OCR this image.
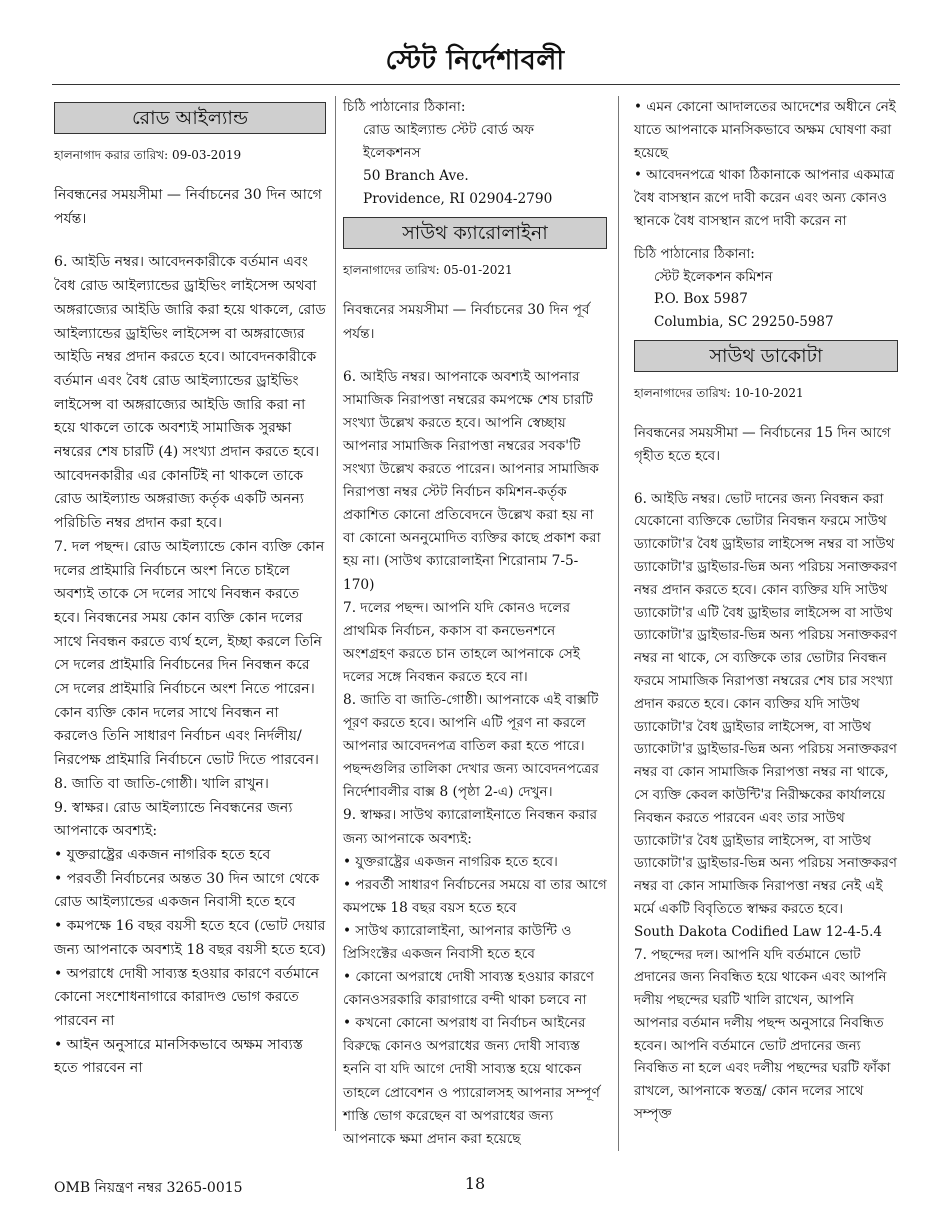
স্টেট নির্দেশাবলী
রোড আইল্যান্ড

হালনাগাদ করার তারিখ: 09-03-2019

নিবন্ধনের সময়সীমা — নির্বাচনের 30 দিন আগে পর্যন্ত।

6. আইডি নম্বর। আবেদনকারীকে বর্তমান এবং বৈধ রোড আইল্যান্ডের ড্রাইভিং লাইসেন্স অথবা অঙ্গরাজ্যের আইডি জারি করা হয়ে থাকলে, রোড আইল্যান্ডের ড্রাইভিং লাইসেন্স বা অঙ্গরাজ্যের আইডি নম্বর প্রদান করতে হবে। আবেদনকারীকে বর্তমান এবং বৈধ রোড আইল্যান্ডের ড্রাইভিং লাইসেন্স বা অঙ্গরাজ্যের আইডি জারি করা না হয়ে থাকলে তাকে অবশ্যই সামাজিক সুরক্ষা নম্বরের শেষ চারটি (4) সংখ্যা প্রদান করতে হবে। আবেদনকারীর এর কোনটিই না থাকলে তাকে রোড আইল্যান্ড অঙ্গরাজ্য কর্তৃক একটি অনন্য পরিচিতি নম্বর প্রদান করা হবে।

7. দল পছন্দ। রোড আইল্যান্ডে কোন ব্যক্তি কোন দলের প্রাইমারি নির্বাচনে অংশ নিতে চাইলে অবশ্যই তাকে সে দলের সাথে নিবন্ধন করতে হবে। নিবন্ধনের সময় কোন ব্যক্তি কোন দলের সাথে নিবন্ধন করতে ব্যর্থ হলে, ইচ্ছা করলে তিনি সে দলের প্রাইমারি নির্বাচনের দিন নিবন্ধন করে সে দলের প্রাইমারি নির্বাচনে অংশ নিতে পারেন। কোন ব্যক্তি কোন দলের সাথে নিবন্ধন না করলেও তিনি সাধারণ নির্বাচন এবং নির্দলীয়/নিরপেক্ষ প্রাইমারি নির্বাচনে ভোট দিতে পারবেন।

8. জাতি বা জাতি-গোষ্ঠী। খালি রাখুন।

9. স্বাক্ষর। রোড আইল্যান্ডে নিবন্ধনের জন্য আপনাকে অবশ্যই:

• যুক্তরাষ্ট্রের একজন নাগরিক হতে হবে

• পরবর্তী নির্বাচনের অন্তত 30 দিন আগে থেকে রোড আইল্যান্ডের একজন নিবাসী হতে হবে

• কমপক্ষে 16 বছর বয়সী হতে হবে (ভোট দেয়ার জন্য আপনাকে অবশ্যই 18 বছর বয়সী হতে হবে)

• অপরাধে দোষী সাব্যস্ত হওয়ার কারণে বর্তমানে কোনো সংশোধনাগারে কারাদণ্ড ভোগ করতে পারবেন না

• আইন অনুসারে মানসিকভাবে অক্ষম সাব্যস্ত হতে পারবেন না

চিঠি পাঠানোর ঠিকানা:

রোড আইল্যান্ড স্টেট বোর্ড অফ

ইলেকশনস

50 Branch Ave.

Providence, RI 02904-2790

সাউথ ক্যারোলাইনা

হালনাগাদের তারিখ: 05-01-2021

নিবন্ধনের সময়সীমা — নির্বাচনের 30 দিন পূর্ব পর্যন্ত।

6. আইডি নম্বর। আপনাকে অবশ্যই আপনার সামাজিক নিরাপত্তা নম্বরের কমপক্ষে শেষ চারটি সংখ্যা উল্লেখ করতে হবে। আপনি স্বেচ্ছায় আপনার সামাজিক নিরাপত্তা নম্বরের সবক'টি সংখ্যা উল্লেখ করতে পারেন। আপনার সামাজিক নিরাপত্তা নম্বর স্টেট নির্বাচন কমিশন-কর্তৃক প্রকাশিত কোনো প্রতিবেদনে উল্লেখ করা হয় না বা কোনো অননুমোদিত ব্যক্তির কাছে প্রকাশ করা হয় না। (সাউথ ক্যারোলাইনা শিরোনাম 7-5-170)

7. দলের পছন্দ। আপনি যদি কোনও দলের প্রাথমিক নির্বাচন, ককাস বা কনভেনশনে অংশগ্রহণ করতে চান তাহলে আপনাকে সেই দলের সঙ্গে নিবন্ধন করতে হবে না।

8. জাতি বা জাতি-গোষ্ঠী। আপনাকে এই বাক্সটি পূরণ করতে হবে। আপনি এটি পূরণ না করলে আপনার আবেদনপত্র বাতিল করা হতে পারে। পছন্দগুলির তালিকা দেখার জন্য আবেদনপত্রের নির্দেশাবলীর বাক্স 8 (পৃষ্ঠা 2-এ) দেখুন।

9. স্বাক্ষর। সাউথ ক্যারোলাইনাতে নিবন্ধন করার জন্য আপনাকে অবশ্যই:

• যুক্তরাষ্ট্রের একজন নাগরিক হতে হবে।

• পরবর্তী সাধারণ নির্বাচনের সময়ে বা তার আগে কমপক্ষে 18 বছর বয়স হতে হবে

• সাউথ ক্যারোলাইনা, আপনার কাউন্টি ও প্রিসিংক্টের একজন নিবাসী হতে হবে

• কোনো অপরাধে দোষী সাব্যস্ত হওয়ার কারণে কোনওসরকারি কারাগারে বন্দী থাকা চলবে না

• কখনো কোনো অপরাধ বা নির্বাচন আইনের বিরুদ্ধে কোনও অপরাধের জন্য দোষী সাব্যস্ত হননি বা যদি আগে দোষী সাব্যস্ত হয়ে থাকেন তাহলে প্রোবেশন ও প্যারোলসহ আপনার সম্পূর্ণ শাস্তি ভোগ করেছেন বা অপরাধের জন্য আপনাকে ক্ষমা প্রদান করা হয়েছে

• এমন কোনো আদালতের আদেশের অধীনে নেই যাতে আপনাকে মানসিকভাবে অক্ষম ঘোষণা করা হয়েছে

• আবেদনপত্রে থাকা ঠিকানাকে আপনার একমাত্র বৈধ বাসস্থান রূপে দাবী করেন এবং অন্য কোনও স্থানকে বৈধ বাসস্থান রূপে দাবী করেন না

চিঠি পাঠানোর ঠিকানা:

স্টেট ইলেকশন কমিশন

P.O. Box 5987

Columbia, SC 29250-5987

সাউথ ডাকোটা

হালনাগাদের তারিখ: 10-10-2021

নিবন্ধনের সময়সীমা — নির্বাচনের 15 দিন আগে গৃহীত হতে হবে।

6. আইডি নম্বর। ভোট দানের জন্য নিবন্ধন করা যেকোনো ব্যক্তিকে ভোটার নিবন্ধন ফরমে সাউথ ড্যাকোটা'র বৈধ ড্রাইভার লাইসেন্স নম্বর বা সাউথ ড্যাকোটা'র ড্রাইভার-ভিন্ন অন্য পরিচয় সনাক্তকরণ নম্বর প্রদান করতে হবে। কোন ব্যক্তির যদি সাউথ ড্যাকোটা'র এটি বৈধ ড্রাইভার লাইসেন্স বা সাউথ ড্যাকোটা'র ড্রাইভার-ভিন্ন অন্য পরিচয় সনাক্তকরণ নম্বর না থাকে, সে ব্যক্তিকে তার ভোটার নিবন্ধন ফরমে সামাজিক নিরাপত্তা নম্বরের শেষ চার সংখ্যা প্রদান করতে হবে। কোন ব্যক্তির যদি সাউথ ড্যাকোটা'র বৈধ ড্রাইভার লাইসেন্স, বা সাউথ ড্যাকোটা'র ড্রাইভার-ভিন্ন অন্য পরিচয় সনাক্তকরণ নম্বর বা কোন সামাজিক নিরাপত্তা নম্বর না থাকে, সে ব্যক্তি কেবল কাউন্টি'র নিরীক্ষকের কার্যালয়ে নিবন্ধন করতে পারবেন এবং তার সাউথ ড্যাকোটা'র বৈধ ড্রাইভার লাইসেন্স, বা সাউথ ড্যাকোটা'র ড্রাইভার-ভিন্ন অন্য পরিচয় সনাক্তকরণ নম্বর বা কোন সামাজিক নিরাপত্তা নম্বর নেই এই মর্মে একটি বিবৃতিতে স্বাক্ষর করতে হবে।

South Dakota Codified Law 12-4-5.4

7. পছন্দের দল। আপনি যদি বর্তমানে ভোট প্রদানের জন্য নিবন্ধিত হয়ে থাকেন এবং আপনি দলীয় পছন্দের ঘরটি খালি রাখেন, আপনি আপনার বর্তমান দলীয় পছন্দ অনুসারে নিবন্ধিত হবেন। আপনি বর্তমানে ভোট প্রদানের জন্য নিবন্ধিত না হলে এবং দলীয় পছন্দের ঘরটি ফাঁকা রাখলে, আপনাকে স্বতন্ত্র/ কোন দলের সাথে সম্পৃক্ত

OMB নিয়ন্ত্রণ নম্বর 3265-0015	18
